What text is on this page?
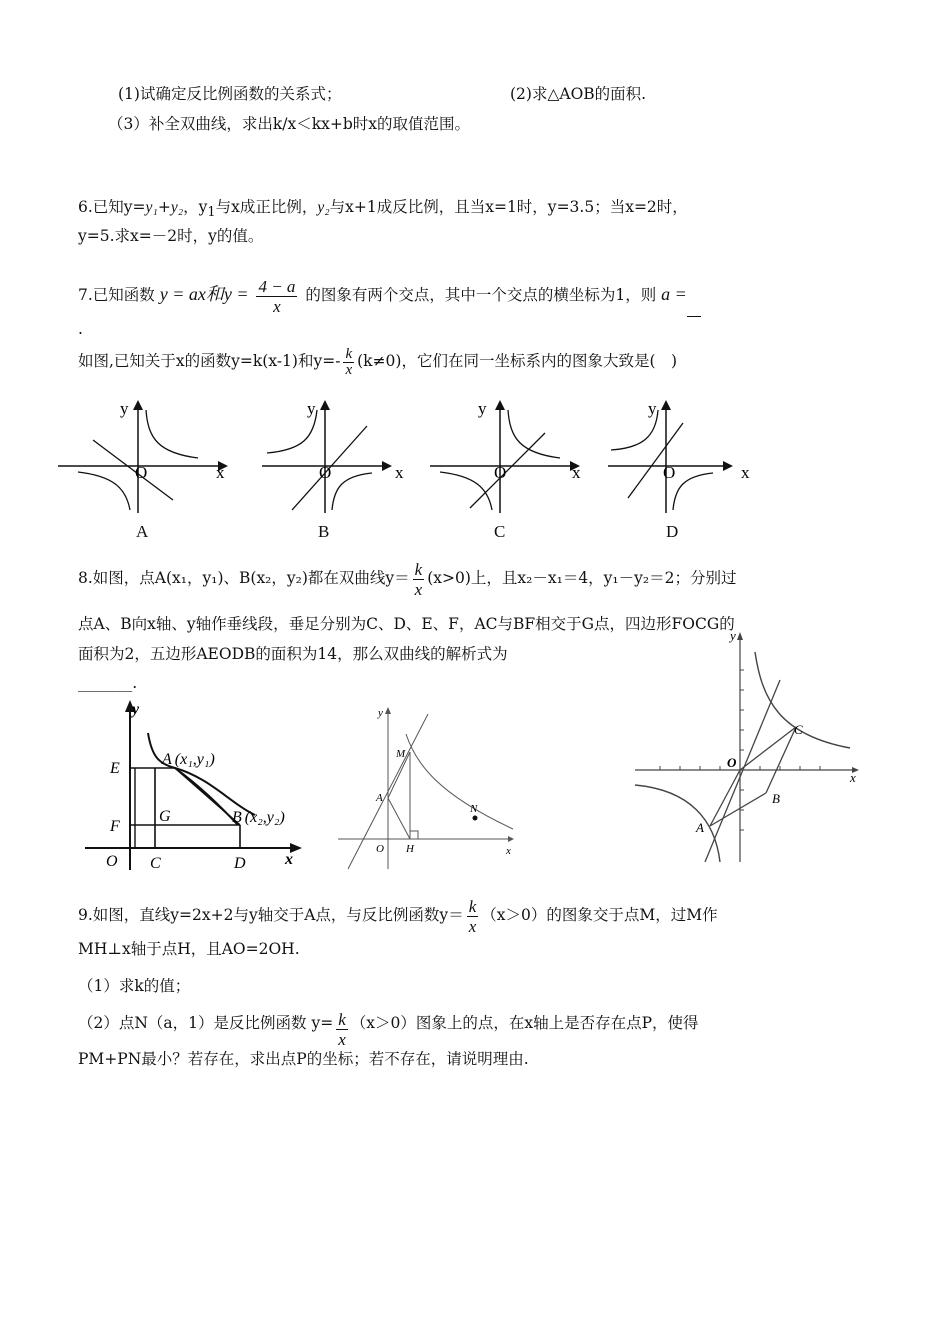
(1)试确定反比例函数的关系式；	(2)求△AOB的面积.
（3）补全双曲线，求出k/x＜kx+b时x的取值范围。
6.已知y=y₁+y₂，$y_1$与x成正比例，y₂与x+1成反比例，且当x=1时，y=3.5；当x=2时，
y=5.求x=－2时，y的值。
7.已知函数 y = ax和$y = \frac{4 - a}{x}$ 的图象有两个交点，其中一个交点的横坐标为1，则 a =
.
如图,已知关于x的函数y=k(x-1)和$y=- \frac{k}{x} (k\ne 0)$，它们在同一坐标系内的图象大致是(　)
y
x
O
y
x
O
y
x
O
y
x
O
A	B	C	D
8.如图，点A(x₁，y₁)、B(x₂，y₂)都在双曲线$y= \frac{k}{x} (x>0)$上，且x₂－x₁＝4，y₁－y₂＝2；分别过
点A、B向x轴、y轴作垂线段，垂足分别为C、D、E、F，AC与BF相交于G点，四边形FOCG的
面积为2，五边形AEODB的面积为14，那么双曲线的解析式为
_______.
y
x
O
E
F
C	D
G
A (x₁,y₁)
B (x₂,y₂)
y
x
O
A
M
H
N
y
x
O
A
B
C
9.如图，直线y=2x+2与y轴交于A点，与反比例函数$y= \frac{k}{x} (x>0)$的图象交于点M，过M作
MH⊥x轴于点H，且AO=2OH.
（1）求k的值；
（2）点N（a，1）是反比例函数 $y= \frac{k}{x} (x>0)$图象上的点，在x轴上是否存在点P，使得
PM+PN最小？若存在，求出点P的坐标；若不存在，请说明理由.
